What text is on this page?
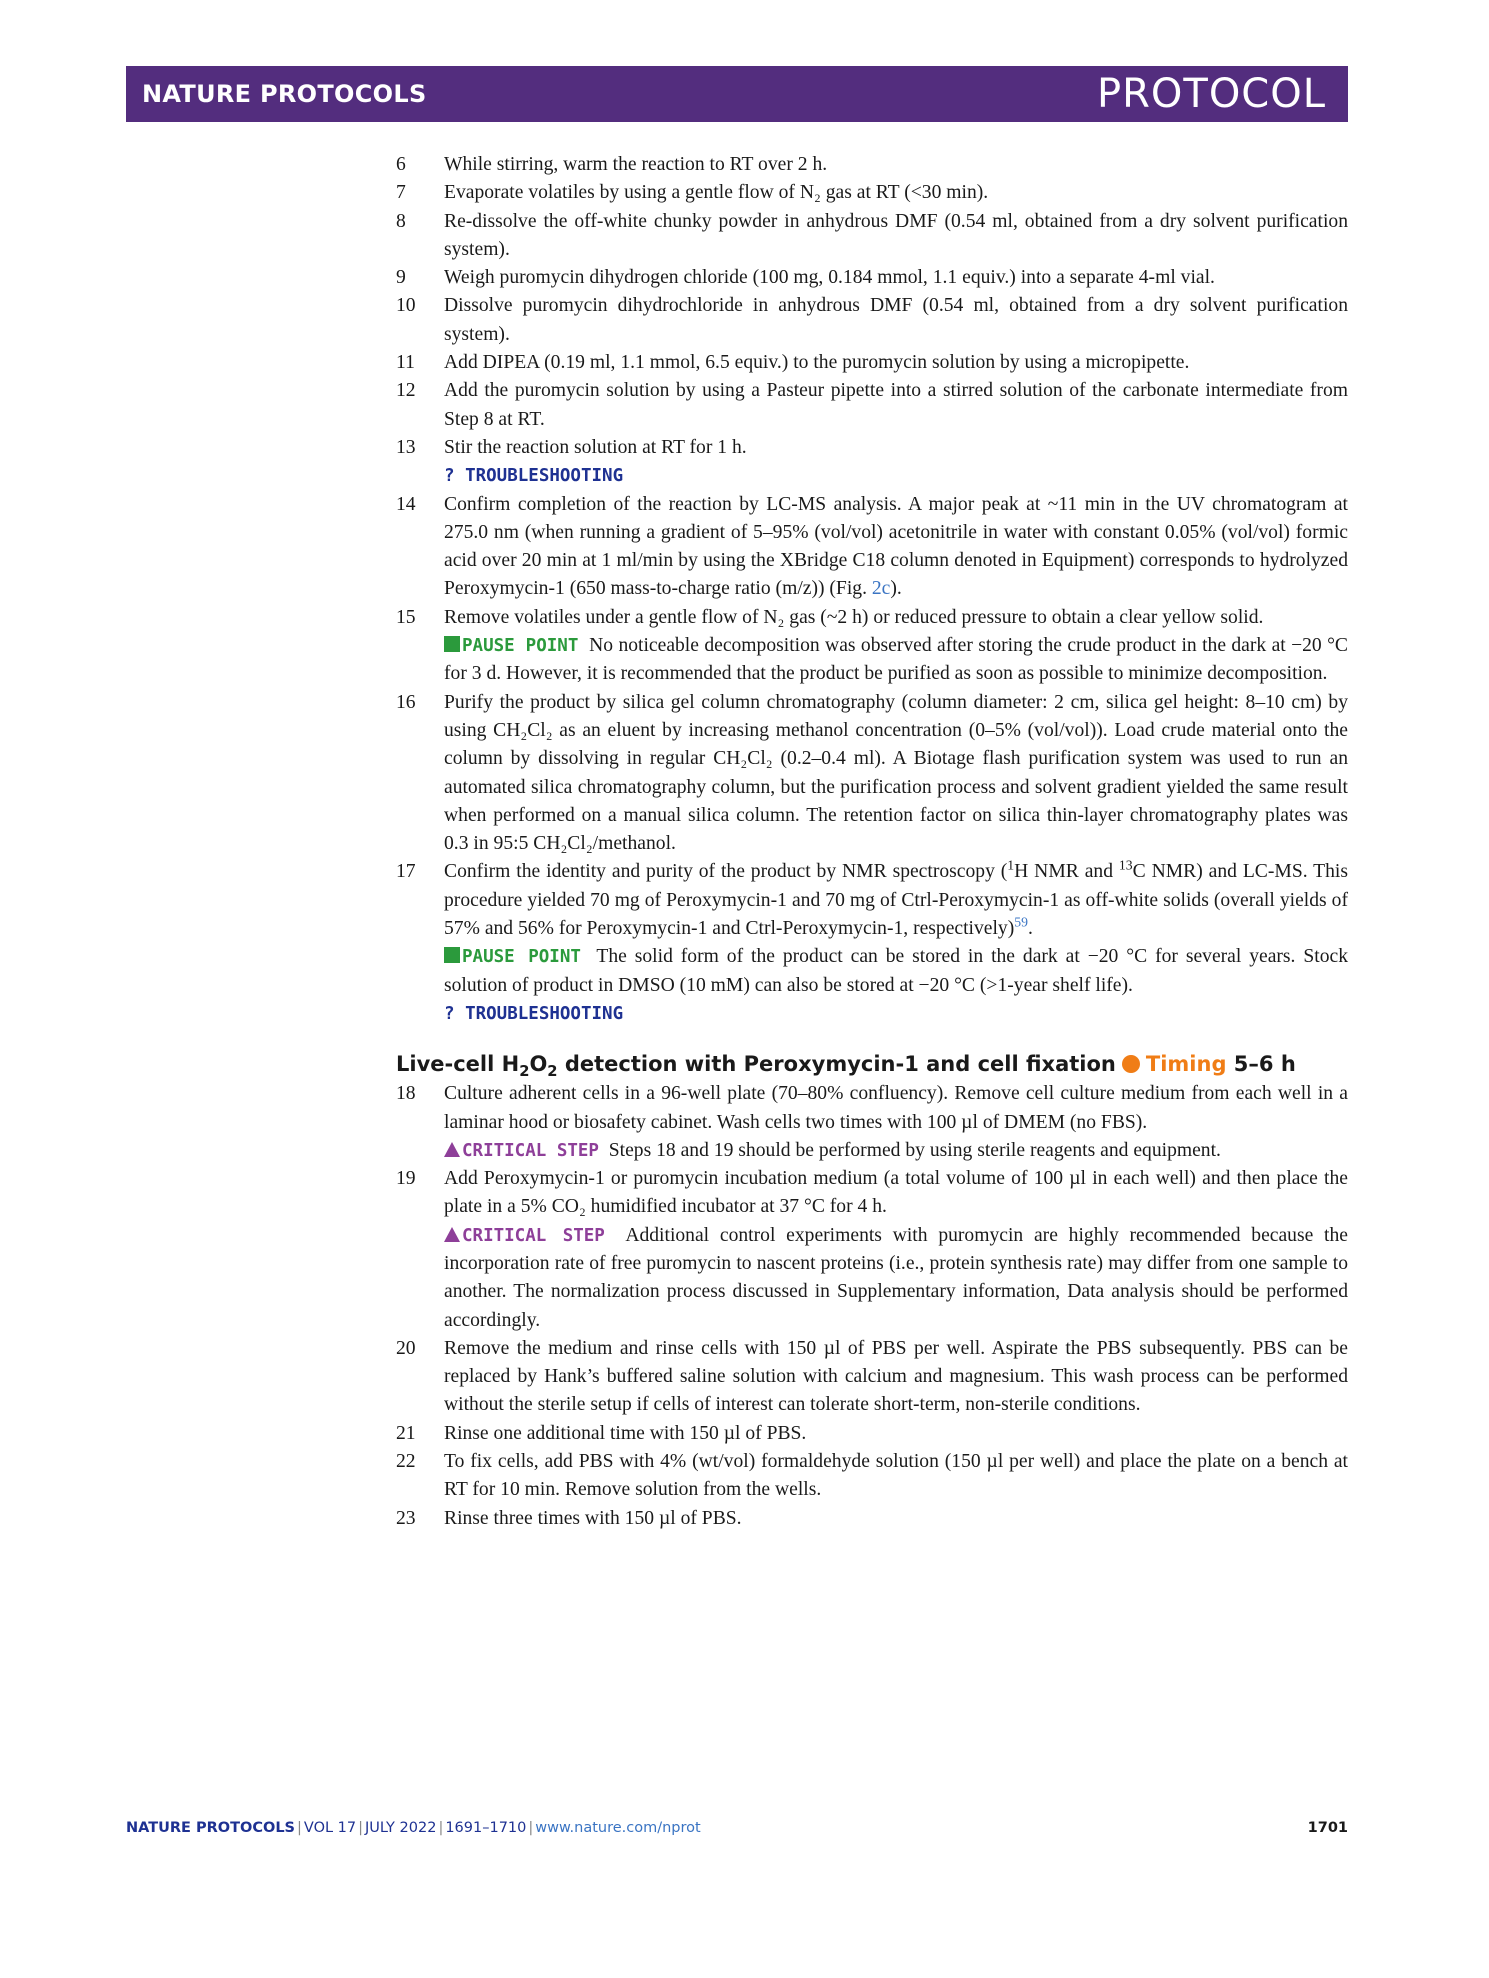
NATURE PROTOCOLS	PROTOCOL
6	While stirring, warm the reaction to RT over 2 h.
7	Evaporate volatiles by using a gentle flow of N₂ gas at RT (<30 min).
8	Re-dissolve the off-white chunky powder in anhydrous DMF (0.54 ml, obtained from a dry solvent purification system).
9	Weigh puromycin dihydrogen chloride (100 mg, 0.184 mmol, 1.1 equiv.) into a separate 4-ml vial.
10	Dissolve puromycin dihydrochloride in anhydrous DMF (0.54 ml, obtained from a dry solvent purification system).
11	Add DIPEA (0.19 ml, 1.1 mmol, 6.5 equiv.) to the puromycin solution by using a micropipette.
12	Add the puromycin solution by using a Pasteur pipette into a stirred solution of the carbonate intermediate from Step 8 at RT.
13	Stir the reaction solution at RT for 1 h.
? TROUBLESHOOTING
14	Confirm completion of the reaction by LC-MS analysis. A major peak at ~11 min in the UV chromatogram at 275.0 nm (when running a gradient of 5–95% (vol/vol) acetonitrile in water with constant 0.05% (vol/vol) formic acid over 20 min at 1 ml/min by using the XBridge C18 column denoted in Equipment) corresponds to hydrolyzed Peroxymycin-1 (650 mass-to-charge ratio (m/z)) (Fig. 2c).
15	Remove volatiles under a gentle flow of N₂ gas (~2 h) or reduced pressure to obtain a clear yellow solid.
PAUSE POINT No noticeable decomposition was observed after storing the crude product in the dark at −20 °C for 3 d. However, it is recommended that the product be purified as soon as possible to minimize decomposition.
16	Purify the product by silica gel column chromatography (column diameter: 2 cm, silica gel height: 8–10 cm) by using CH₂Cl₂ as an eluent by increasing methanol concentration (0–5% (vol/vol)). Load crude material onto the column by dissolving in regular CH₂Cl₂ (0.2–0.4 ml). A Biotage flash purification system was used to run an automated silica chromatography column, but the purification process and solvent gradient yielded the same result when performed on a manual silica column. The retention factor on silica thin-layer chromatography plates was 0.3 in 95:5 CH₂Cl₂/methanol.
17	Confirm the identity and purity of the product by NMR spectroscopy ($^1$H NMR and $^{13}$C NMR) and LC-MS. This procedure yielded 70 mg of Peroxymycin-1 and 70 mg of Ctrl-Peroxymycin-1 as off-white solids (overall yields of 57% and 56% for Peroxymycin-1 and Ctrl-Peroxymycin-1, respectively)$^{59}$.
PAUSE POINT The solid form of the product can be stored in the dark at −20 °C for several years. Stock solution of product in DMSO (10 mM) can also be stored at −20 °C (>1-year shelf life).
? TROUBLESHOOTING
Live-cell $H_2O_2$ detection with Peroxymycin-1 and cell fixation Timing 5–6 h
18	Culture adherent cells in a 96-well plate (70–80% confluency). Remove cell culture medium from each well in a laminar hood or biosafety cabinet. Wash cells two times with 100 µl of DMEM (no FBS).
CRITICAL STEP Steps 18 and 19 should be performed by using sterile reagents and equipment.
19	Add Peroxymycin-1 or puromycin incubation medium (a total volume of 100 µl in each well) and then place the plate in a 5% CO₂ humidified incubator at 37 °C for 4 h.
CRITICAL STEP Additional control experiments with puromycin are highly recommended because the incorporation rate of free puromycin to nascent proteins (i.e., protein synthesis rate) may differ from one sample to another. The normalization process discussed in Supplementary information, Data analysis should be performed accordingly.
20	Remove the medium and rinse cells with 150 µl of PBS per well. Aspirate the PBS subsequently. PBS can be replaced by Hank’s buffered saline solution with calcium and magnesium. This wash process can be performed without the sterile setup if cells of interest can tolerate short-term, non-sterile conditions.
21	Rinse one additional time with 150 µl of PBS.
22	To fix cells, add PBS with 4% (wt/vol) formaldehyde solution (150 µl per well) and place the plate on a bench at RT for 10 min. Remove solution from the wells.
23	Rinse three times with 150 µl of PBS.
NATURE PROTOCOLS | VOL 17 | JULY 2022 | 1691–1710 | www.nature.com/nprot	1701
